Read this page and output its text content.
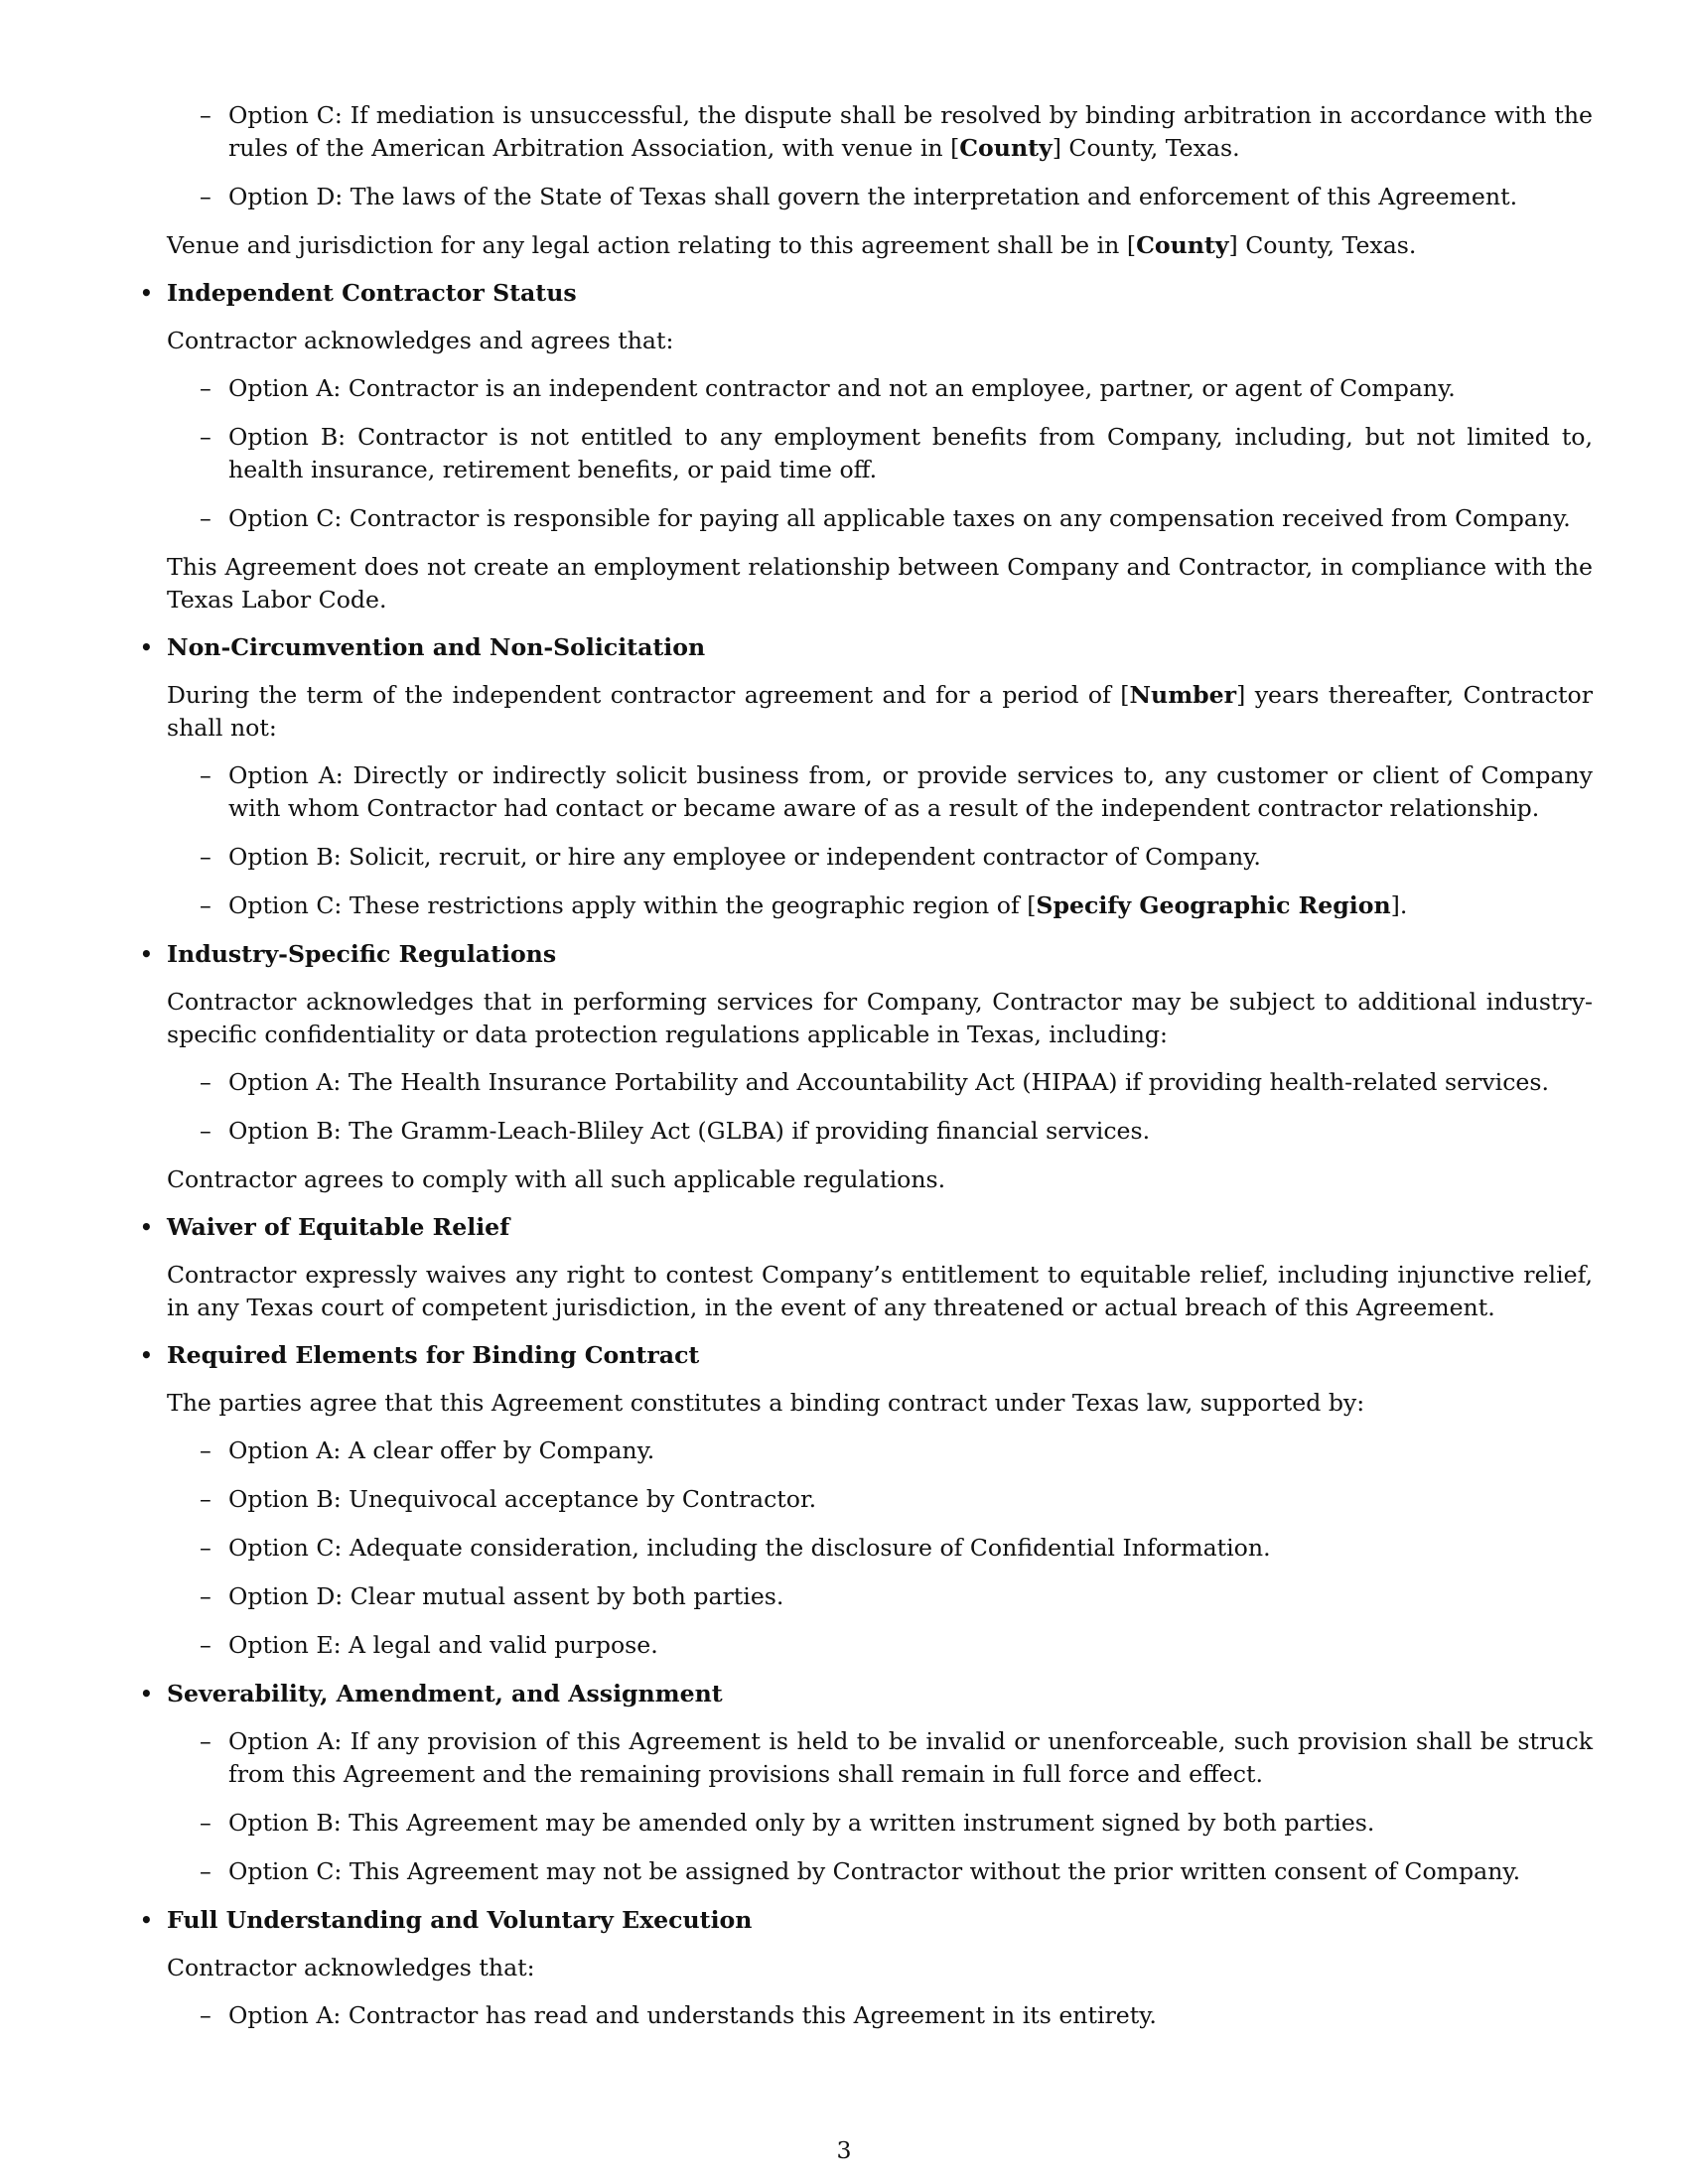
– Option C: If mediation is unsuccessful, the dispute shall be resolved by binding arbitration in accordance with the rules of the American Arbitration Association, with venue in [County] County, Texas.
– Option D: The laws of the State of Texas shall govern the interpretation and enforcement of this Agreement.
Venue and jurisdiction for any legal action relating to this agreement shall be in [County] County, Texas.
• Independent Contractor Status
Contractor acknowledges and agrees that:
– Option A: Contractor is an independent contractor and not an employee, partner, or agent of Company.
– Option B: Contractor is not entitled to any employment benefits from Company, including, but not limited to, health insurance, retirement benefits, or paid time off.
– Option C: Contractor is responsible for paying all applicable taxes on any compensation received from Company.
This Agreement does not create an employment relationship between Company and Contractor, in compliance with the Texas Labor Code.
• Non-Circumvention and Non-Solicitation
During the term of the independent contractor agreement and for a period of [Number] years thereafter, Contractor shall not:
– Option A: Directly or indirectly solicit business from, or provide services to, any customer or client of Company with whom Contractor had contact or became aware of as a result of the independent contractor relationship.
– Option B: Solicit, recruit, or hire any employee or independent contractor of Company.
– Option C: These restrictions apply within the geographic region of [Specify Geographic Region].
• Industry-Specific Regulations
Contractor acknowledges that in performing services for Company, Contractor may be subject to additional industry-specific confidentiality or data protection regulations applicable in Texas, including:
– Option A: The Health Insurance Portability and Accountability Act (HIPAA) if providing health-related services.
– Option B: The Gramm-Leach-Bliley Act (GLBA) if providing financial services.
Contractor agrees to comply with all such applicable regulations.
• Waiver of Equitable Relief
Contractor expressly waives any right to contest Company’s entitlement to equitable relief, including injunctive relief, in any Texas court of competent jurisdiction, in the event of any threatened or actual breach of this Agreement.
• Required Elements for Binding Contract
The parties agree that this Agreement constitutes a binding contract under Texas law, supported by:
– Option A: A clear offer by Company.
– Option B: Unequivocal acceptance by Contractor.
– Option C: Adequate consideration, including the disclosure of Confidential Information.
– Option D: Clear mutual assent by both parties.
– Option E: A legal and valid purpose.
• Severability, Amendment, and Assignment
– Option A: If any provision of this Agreement is held to be invalid or unenforceable, such provision shall be struck from this Agreement and the remaining provisions shall remain in full force and effect.
– Option B: This Agreement may be amended only by a written instrument signed by both parties.
– Option C: This Agreement may not be assigned by Contractor without the prior written consent of Company.
• Full Understanding and Voluntary Execution
Contractor acknowledges that:
– Option A: Contractor has read and understands this Agreement in its entirety.
3
